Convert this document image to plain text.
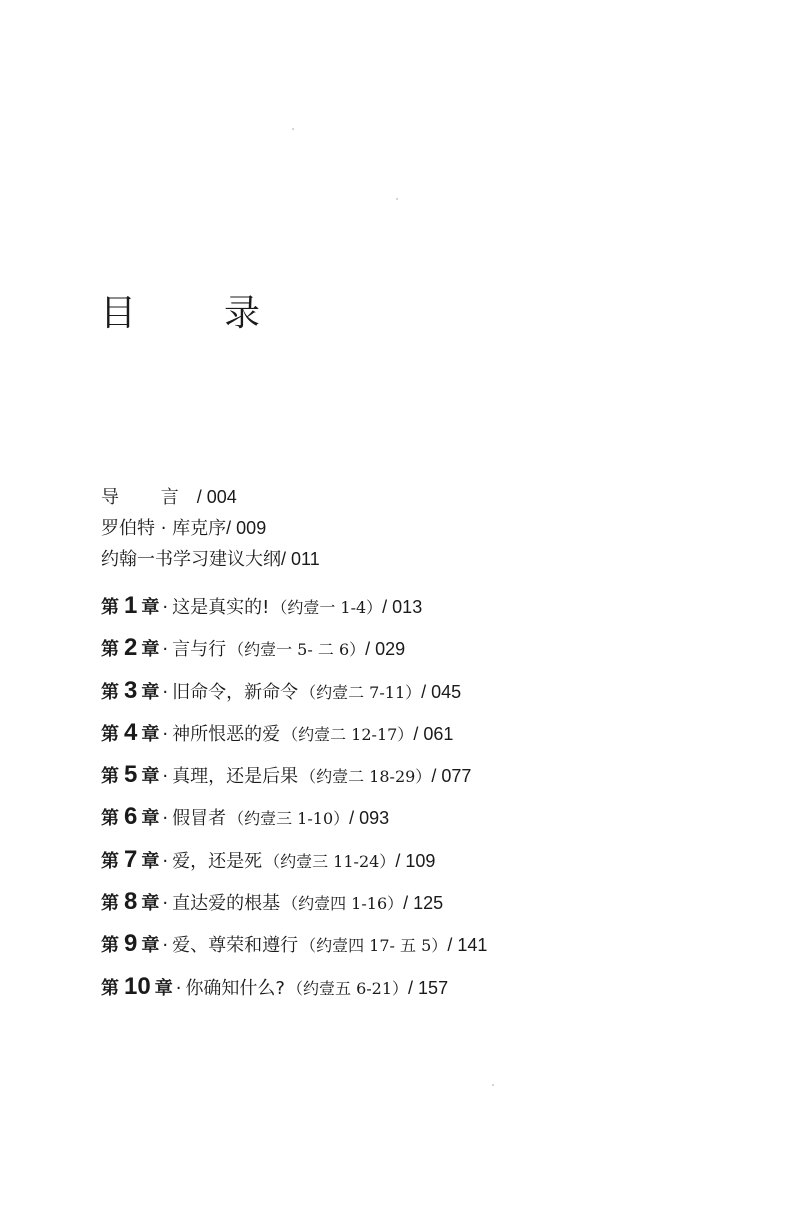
目　录
导 言/ 004
罗伯特 · 库克序/ 009
约翰一书学习建议大纲/ 011
第 1 章 · 这是真实的! （约壹一 1-4） / 013
第 2 章 · 言与行 （约壹一 5- 二 6） / 029
第 3 章 · 旧命令，新命令 （约壹二 7-11） / 045
第 4 章 · 神所恨恶的爱 （约壹二 12-17） / 061
第 5 章 · 真理，还是后果 （约壹二 18-29） / 077
第 6 章 · 假冒者 （约壹三 1-10） / 093
第 7 章 · 爱，还是死 （约壹三 11-24） / 109
第 8 章 · 直达爱的根基 （约壹四 1-16） / 125
第 9 章 · 爱、尊荣和遵行 （约壹四 17- 五 5） / 141
第 10 章 · 你确知什么? （约壹五 6-21） / 157
